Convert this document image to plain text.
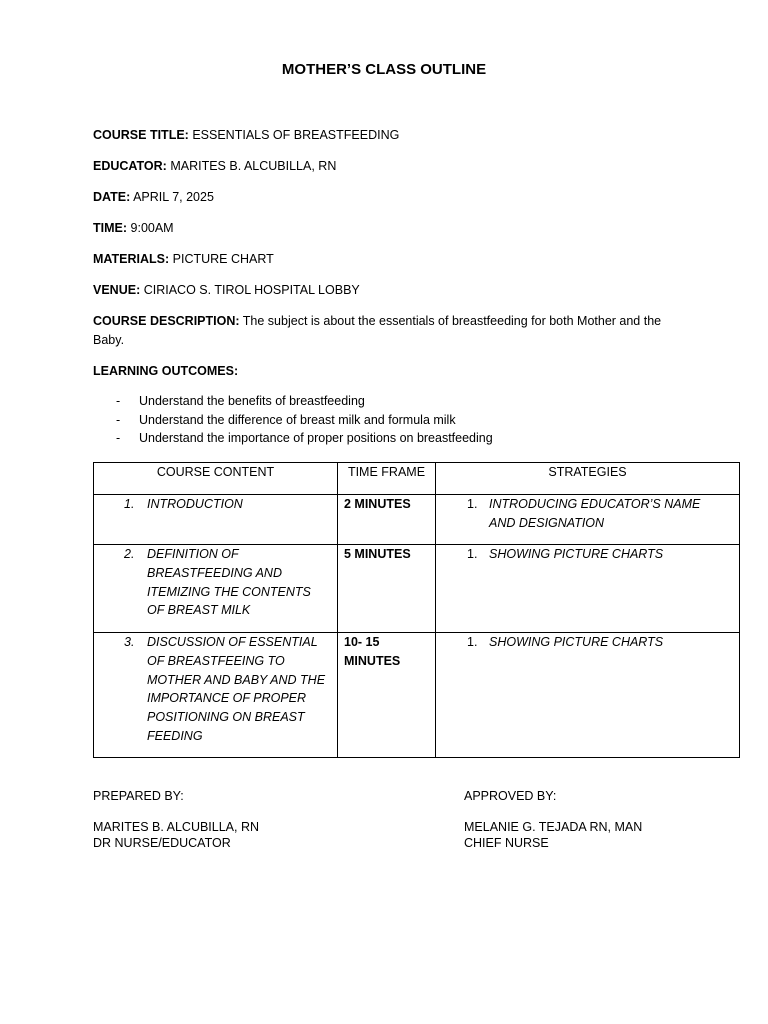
MOTHER’S CLASS OUTLINE
COURSE TITLE: ESSENTIALS OF BREASTFEEDING
EDUCATOR: MARITES B. ALCUBILLA, RN
DATE: APRIL 7, 2025
TIME: 9:00AM
MATERIALS: PICTURE CHART
VENUE: CIRIACO S. TIROL HOSPITAL LOBBY
COURSE DESCRIPTION: The subject is about the essentials of breastfeeding for both Mother and the Baby.
LEARNING OUTCOMES:
- Understand the benefits of breastfeeding
- Understand the difference of breast milk and formula milk
- Understand the importance of proper positions on breastfeeding
COURSE CONTENT	TIME FRAME	STRATEGIES

1. INTRODUCTION	2 MINUTES	1. INTRODUCING EDUCATOR’S NAME AND DESIGNATION

2. DEFINITION OF BREASTFEEDING AND ITEMIZING THE CONTENTS OF BREAST MILK	5 MINUTES	1. SHOWING PICTURE CHARTS

3. DISCUSSION OF ESSENTIAL OF BREASTFEEING TO MOTHER AND BABY AND THE IMPORTANCE OF PROPER POSITIONING ON BREAST FEEDING	10- 15 MINUTES	1. SHOWING PICTURE CHARTS
PREPARED BY:
MARITES B. ALCUBILLA, RN
DR NURSE/EDUCATOR
APPROVED BY:
MELANIE G. TEJADA RN, MAN
CHIEF NURSE
